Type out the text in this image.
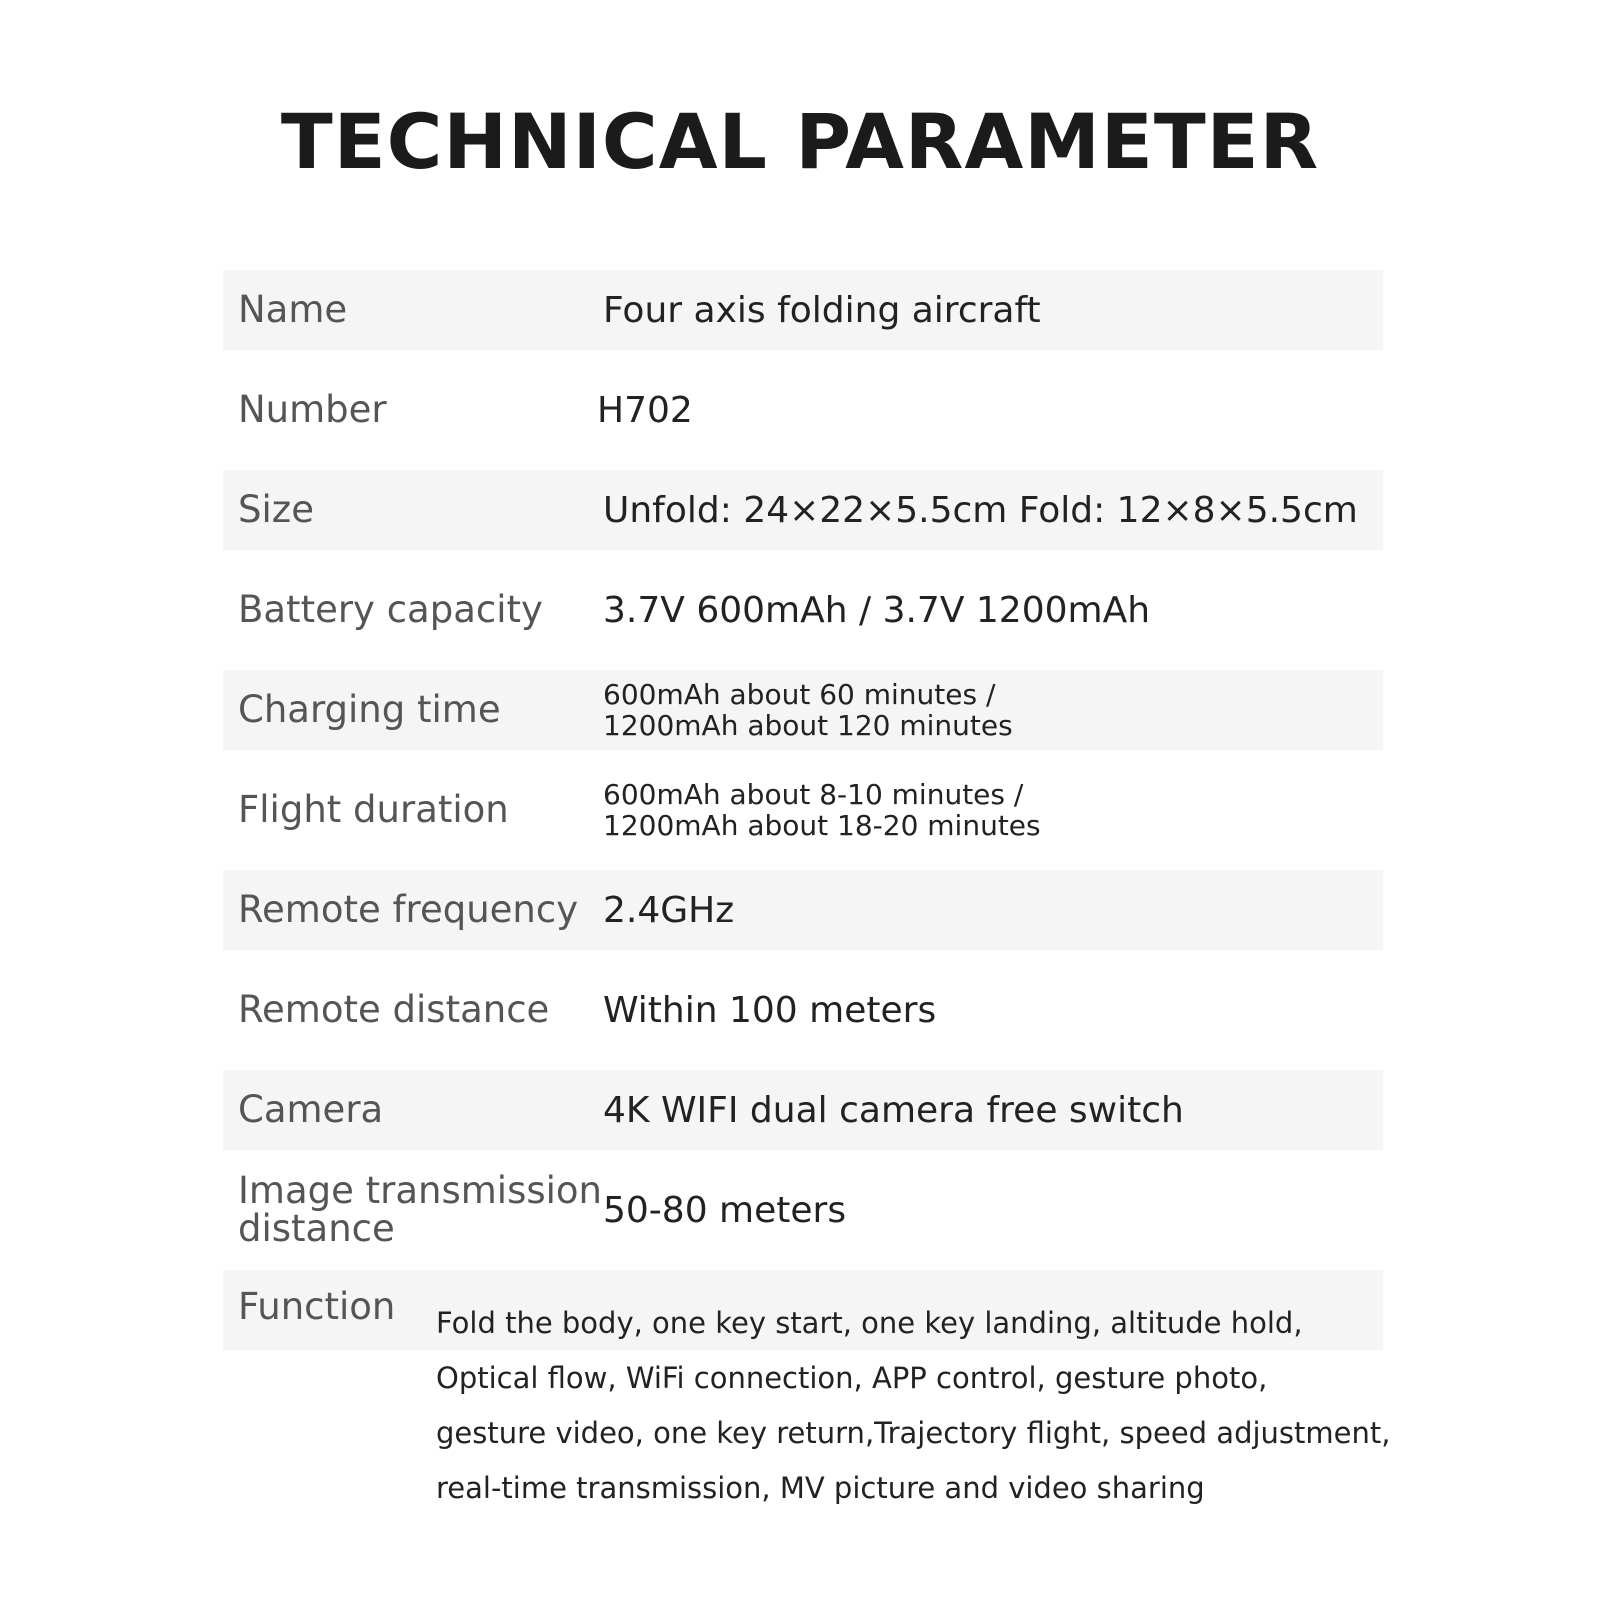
TECHNICAL PARAMETER
Name	Four axis folding aircraft
Number	H702
Size	Unfold: 24×22×5.5cm Fold: 12×8×5.5cm
Battery capacity 3.7V 600mAh / 3.7V 1200mAh
Charging time	600mAh about 60 minutes /
1200mAh about 120 minutes
Flight duration	600mAh about 8-10 minutes /
1200mAh about 18-20 minutes
Remote frequency 2.4GHz
Remote distance Within 100 meters
Camera	4K WIFI dual camera free switch
Image transmission
distance	50-80 meters
Function Fold the body, one key start, one key landing, altitude hold,
Optical flow, WiFi connection, APP control, gesture photo,
gesture video, one key return,Trajectory flight, speed adjustment,
real-time transmission, MV picture and video sharing
